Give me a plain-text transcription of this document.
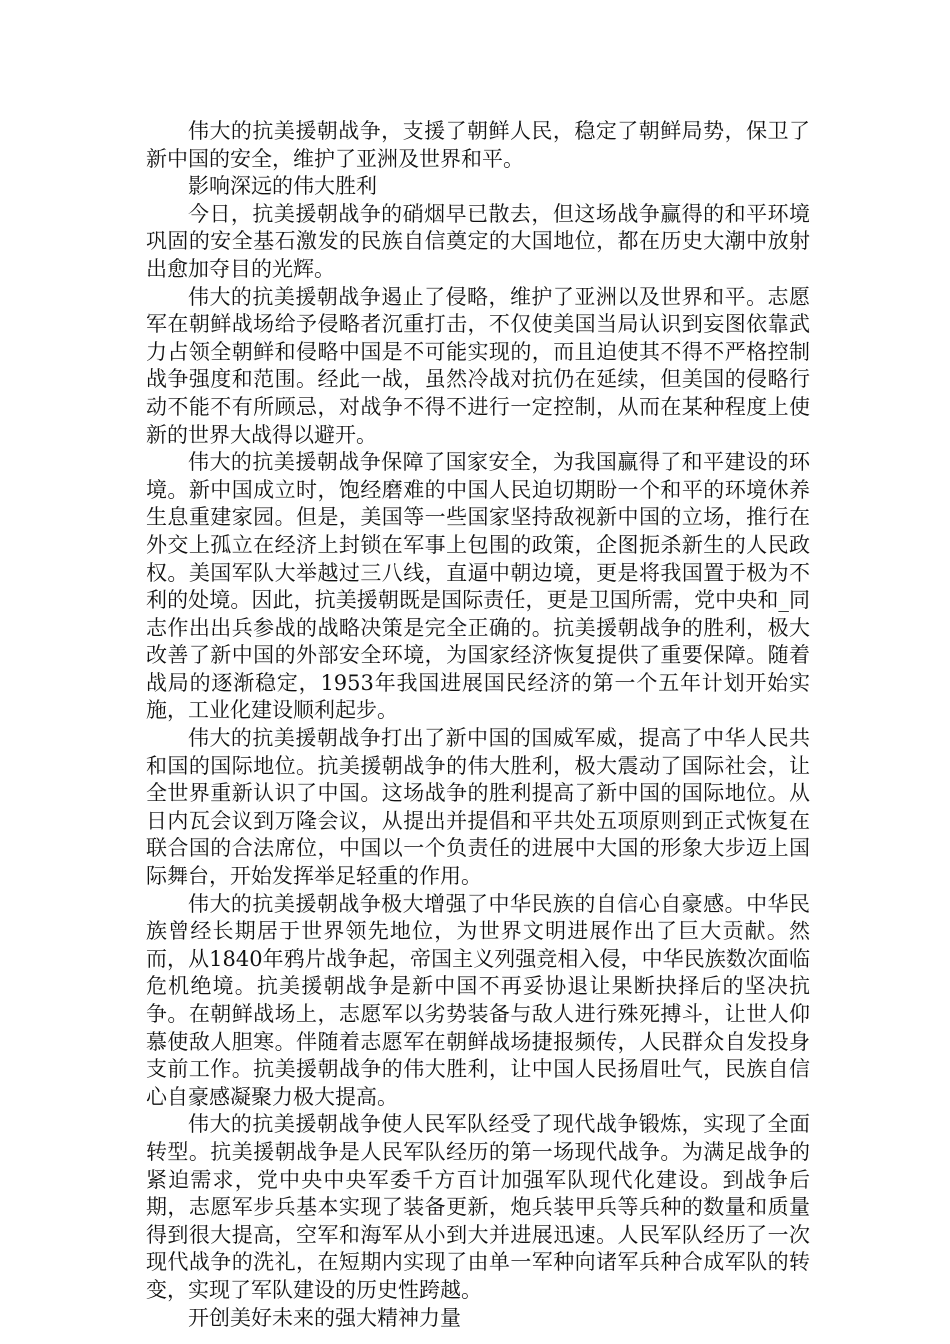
伟大的抗美援朝战争，支援了朝鲜人民，稳定了朝鲜局势，保卫了新中国的安全，维护了亚洲及世界和平。

影响深远的伟大胜利

今日，抗美援朝战争的硝烟早已散去，但这场战争赢得的和平环境巩固的安全基石激发的民族自信奠定的大国地位，都在历史大潮中放射出愈加夺目的光辉。

伟大的抗美援朝战争遏止了侵略，维护了亚洲以及世界和平。志愿军在朝鲜战场给予侵略者沉重打击，不仅使美国当局认识到妄图依靠武力占领全朝鲜和侵略中国是不可能实现的，而且迫使其不得不严格控制战争强度和范围。经此一战，虽然冷战对抗仍在延续，但美国的侵略行动不能不有所顾忌，对战争不得不进行一定控制，从而在某种程度上使新的世界大战得以避开。

伟大的抗美援朝战争保障了国家安全，为我国赢得了和平建设的环境。新中国成立时，饱经磨难的中国人民迫切期盼一个和平的环境休养生息重建家园。但是，美国等一些国家坚持敌视新中国的立场，推行在外交上孤立在经济上封锁在军事上包围的政策，企图扼杀新生的人民政权。美国军队大举越过三八线，直逼中朝边境，更是将我国置于极为不利的处境。因此，抗美援朝既是国际责任，更是卫国所需，党中央和_同志作出出兵参战的战略决策是完全正确的。抗美援朝战争的胜利，极大改善了新中国的外部安全环境，为国家经济恢复提供了重要保障。随着战局的逐渐稳定，1953年我国进展国民经济的第一个五年计划开始实施，工业化建设顺利起步。

伟大的抗美援朝战争打出了新中国的国威军威，提高了中华人民共和国的国际地位。抗美援朝战争的伟大胜利，极大震动了国际社会，让全世界重新认识了中国。这场战争的胜利提高了新中国的国际地位。从日内瓦会议到万隆会议，从提出并提倡和平共处五项原则到正式恢复在联合国的合法席位，中国以一个负责任的进展中大国的形象大步迈上国际舞台，开始发挥举足轻重的作用。

伟大的抗美援朝战争极大增强了中华民族的自信心自豪感。中华民族曾经长期居于世界领先地位，为世界文明进展作出了巨大贡献。然而，从1840年鸦片战争起，帝国主义列强竞相入侵，中华民族数次面临危机绝境。抗美援朝战争是新中国不再妥协退让果断抉择后的坚决抗争。在朝鲜战场上，志愿军以劣势装备与敌人进行殊死搏斗，让世人仰慕使敌人胆寒。伴随着志愿军在朝鲜战场捷报频传，人民群众自发投身支前工作。抗美援朝战争的伟大胜利，让中国人民扬眉吐气，民族自信心自豪感凝聚力极大提高。

伟大的抗美援朝战争使人民军队经受了现代战争锻炼，实现了全面转型。抗美援朝战争是人民军队经历的第一场现代战争。为满足战争的紧迫需求，党中央中央军委千方百计加强军队现代化建设。到战争后期，志愿军步兵基本实现了装备更新，炮兵装甲兵等兵种的数量和质量得到很大提高，空军和海军从小到大并进展迅速。人民军队经历了一次现代战争的洗礼，在短期内实现了由单一军种向诸军兵种合成军队的转变，实现了军队建设的历史性跨越。

开创美好未来的强大精神力量
